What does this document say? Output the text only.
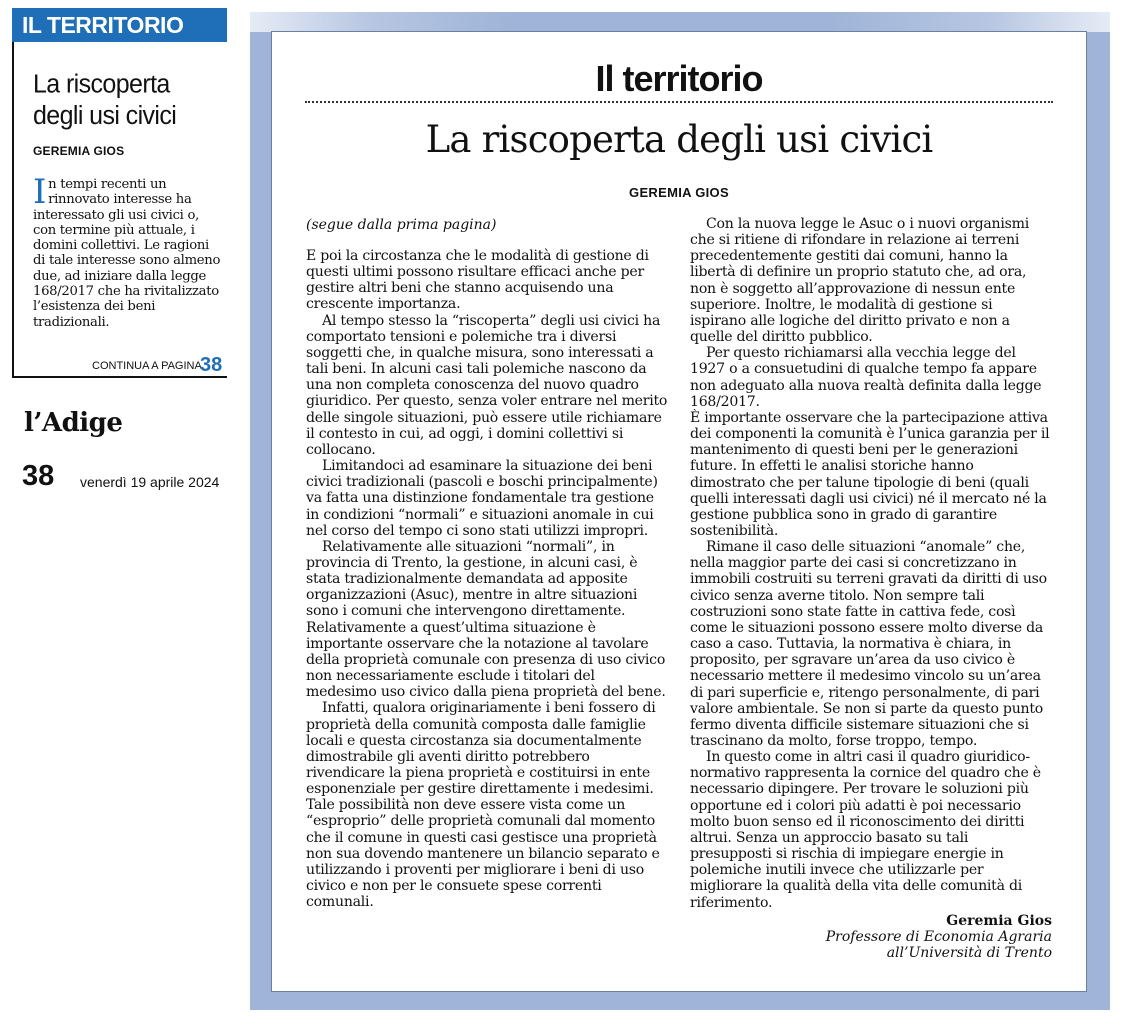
IL TERRITORIO
La riscoperta degli usi civici
GEREMIA GIOS
In tempi recenti un rinnovato interesse ha interessato gli usi civici o, con termine più attuale, i domini collettivi. Le ragioni di tale interesse sono almeno due, ad iniziare dalla legge 168/2017 che ha rivitalizzato l’esistenza dei beni tradizionali.
CONTINUA A PAGINA
38
l’Adige
38 venerdì 19 aprile 2024
Il territorio
La riscoperta degli usi civici
GEREMIA GIOS
(segue dalla prima pagina)

E poi la circostanza che le modalità di gestione di questi ultimi possono risultare efficaci anche per gestire altri beni che stanno acquisendo una crescente importanza.

Al tempo stesso la “riscoperta” degli usi civici ha comportato tensioni e polemiche tra i diversi soggetti che, in qualche misura, sono interessati a tali beni. In alcuni casi tali polemiche nascono da una non completa conoscenza del nuovo quadro giuridico. Per questo, senza voler entrare nel merito delle singole situazioni, può essere utile richiamare il contesto in cui, ad oggi, i domini collettivi si collocano.

Limitandoci ad esaminare la situazione dei beni civici tradizionali (pascoli e boschi principalmente) va fatta una distinzione fondamentale tra gestione in condizioni “normali” e situazioni anomale in cui nel corso del tempo ci sono stati utilizzi impropri.

Relativamente alle situazioni “normali”, in provincia di Trento, la gestione, in alcuni casi, è stata tradizionalmente demandata ad apposite organizzazioni (Asuc), mentre in altre situazioni sono i comuni che intervengono direttamente. Relativamente a quest’ultima situazione è importante osservare che la notazione al tavolare della proprietà comunale con presenza di uso civico non necessariamente esclude i titolari del medesimo uso civico dalla piena proprietà del bene.

Infatti, qualora originariamente i beni fossero di proprietà della comunità composta dalle famiglie locali e questa circostanza sia documentalmente dimostrabile gli aventi diritto potrebbero rivendicare la piena proprietà e costituirsi in ente esponenziale per gestire direttamente i medesimi. Tale possibilità non deve essere vista come un “esproprio” delle proprietà comunali dal momento che il comune in questi casi gestisce una proprietà non sua dovendo mantenere un bilancio separato e utilizzando i proventi per migliorare i beni di uso civico e non per le consuete spese correnti comunali.

Con la nuova legge le Asuc o i nuovi organismi che si ritiene di rifondare in relazione ai terreni precedentemente gestiti dai comuni, hanno la libertà di definire un proprio statuto che, ad ora, non è soggetto all’approvazione di nessun ente superiore. Inoltre, le modalità di gestione si ispirano alle logiche del diritto privato e non a quelle del diritto pubblico.

Per questo richiamarsi alla vecchia legge del 1927 o a consuetudini di qualche tempo fa appare non adeguato alla nuova realtà definita dalla legge 168/2017.

È importante osservare che la partecipazione attiva dei componenti la comunità è l’unica garanzia per il mantenimento di questi beni per le generazioni future. In effetti le analisi storiche hanno dimostrato che per talune tipologie di beni (quali quelli interessati dagli usi civici) né il mercato né la gestione pubblica sono in grado di garantire sostenibilità.

Rimane il caso delle situazioni “anomale” che, nella maggior parte dei casi si concretizzano in immobili costruiti su terreni gravati da diritti di uso civico senza averne titolo. Non sempre tali costruzioni sono state fatte in cattiva fede, così come le situazioni possono essere molto diverse da caso a caso. Tuttavia, la normativa è chiara, in proposito, per sgravare un’area da uso civico è necessario mettere il medesimo vincolo su un’area di pari superficie e, ritengo personalmente, di pari valore ambientale. Se non si parte da questo punto fermo diventa difficile sistemare situazioni che si trascinano da molto, forse troppo, tempo.

In questo come in altri casi il quadro giuridico-normativo rappresenta la cornice del quadro che è necessario dipingere. Per trovare le soluzioni più opportune ed i colori più adatti è poi necessario molto buon senso ed il riconoscimento dei diritti altrui. Senza un approccio basato su tali presupposti si rischia di impiegare energie in polemiche inutili invece che utilizzarle per migliorare la qualità della vita delle comunità di riferimento.

Geremia Gios
Professore di Economia Agraria
all’Università di Trento
